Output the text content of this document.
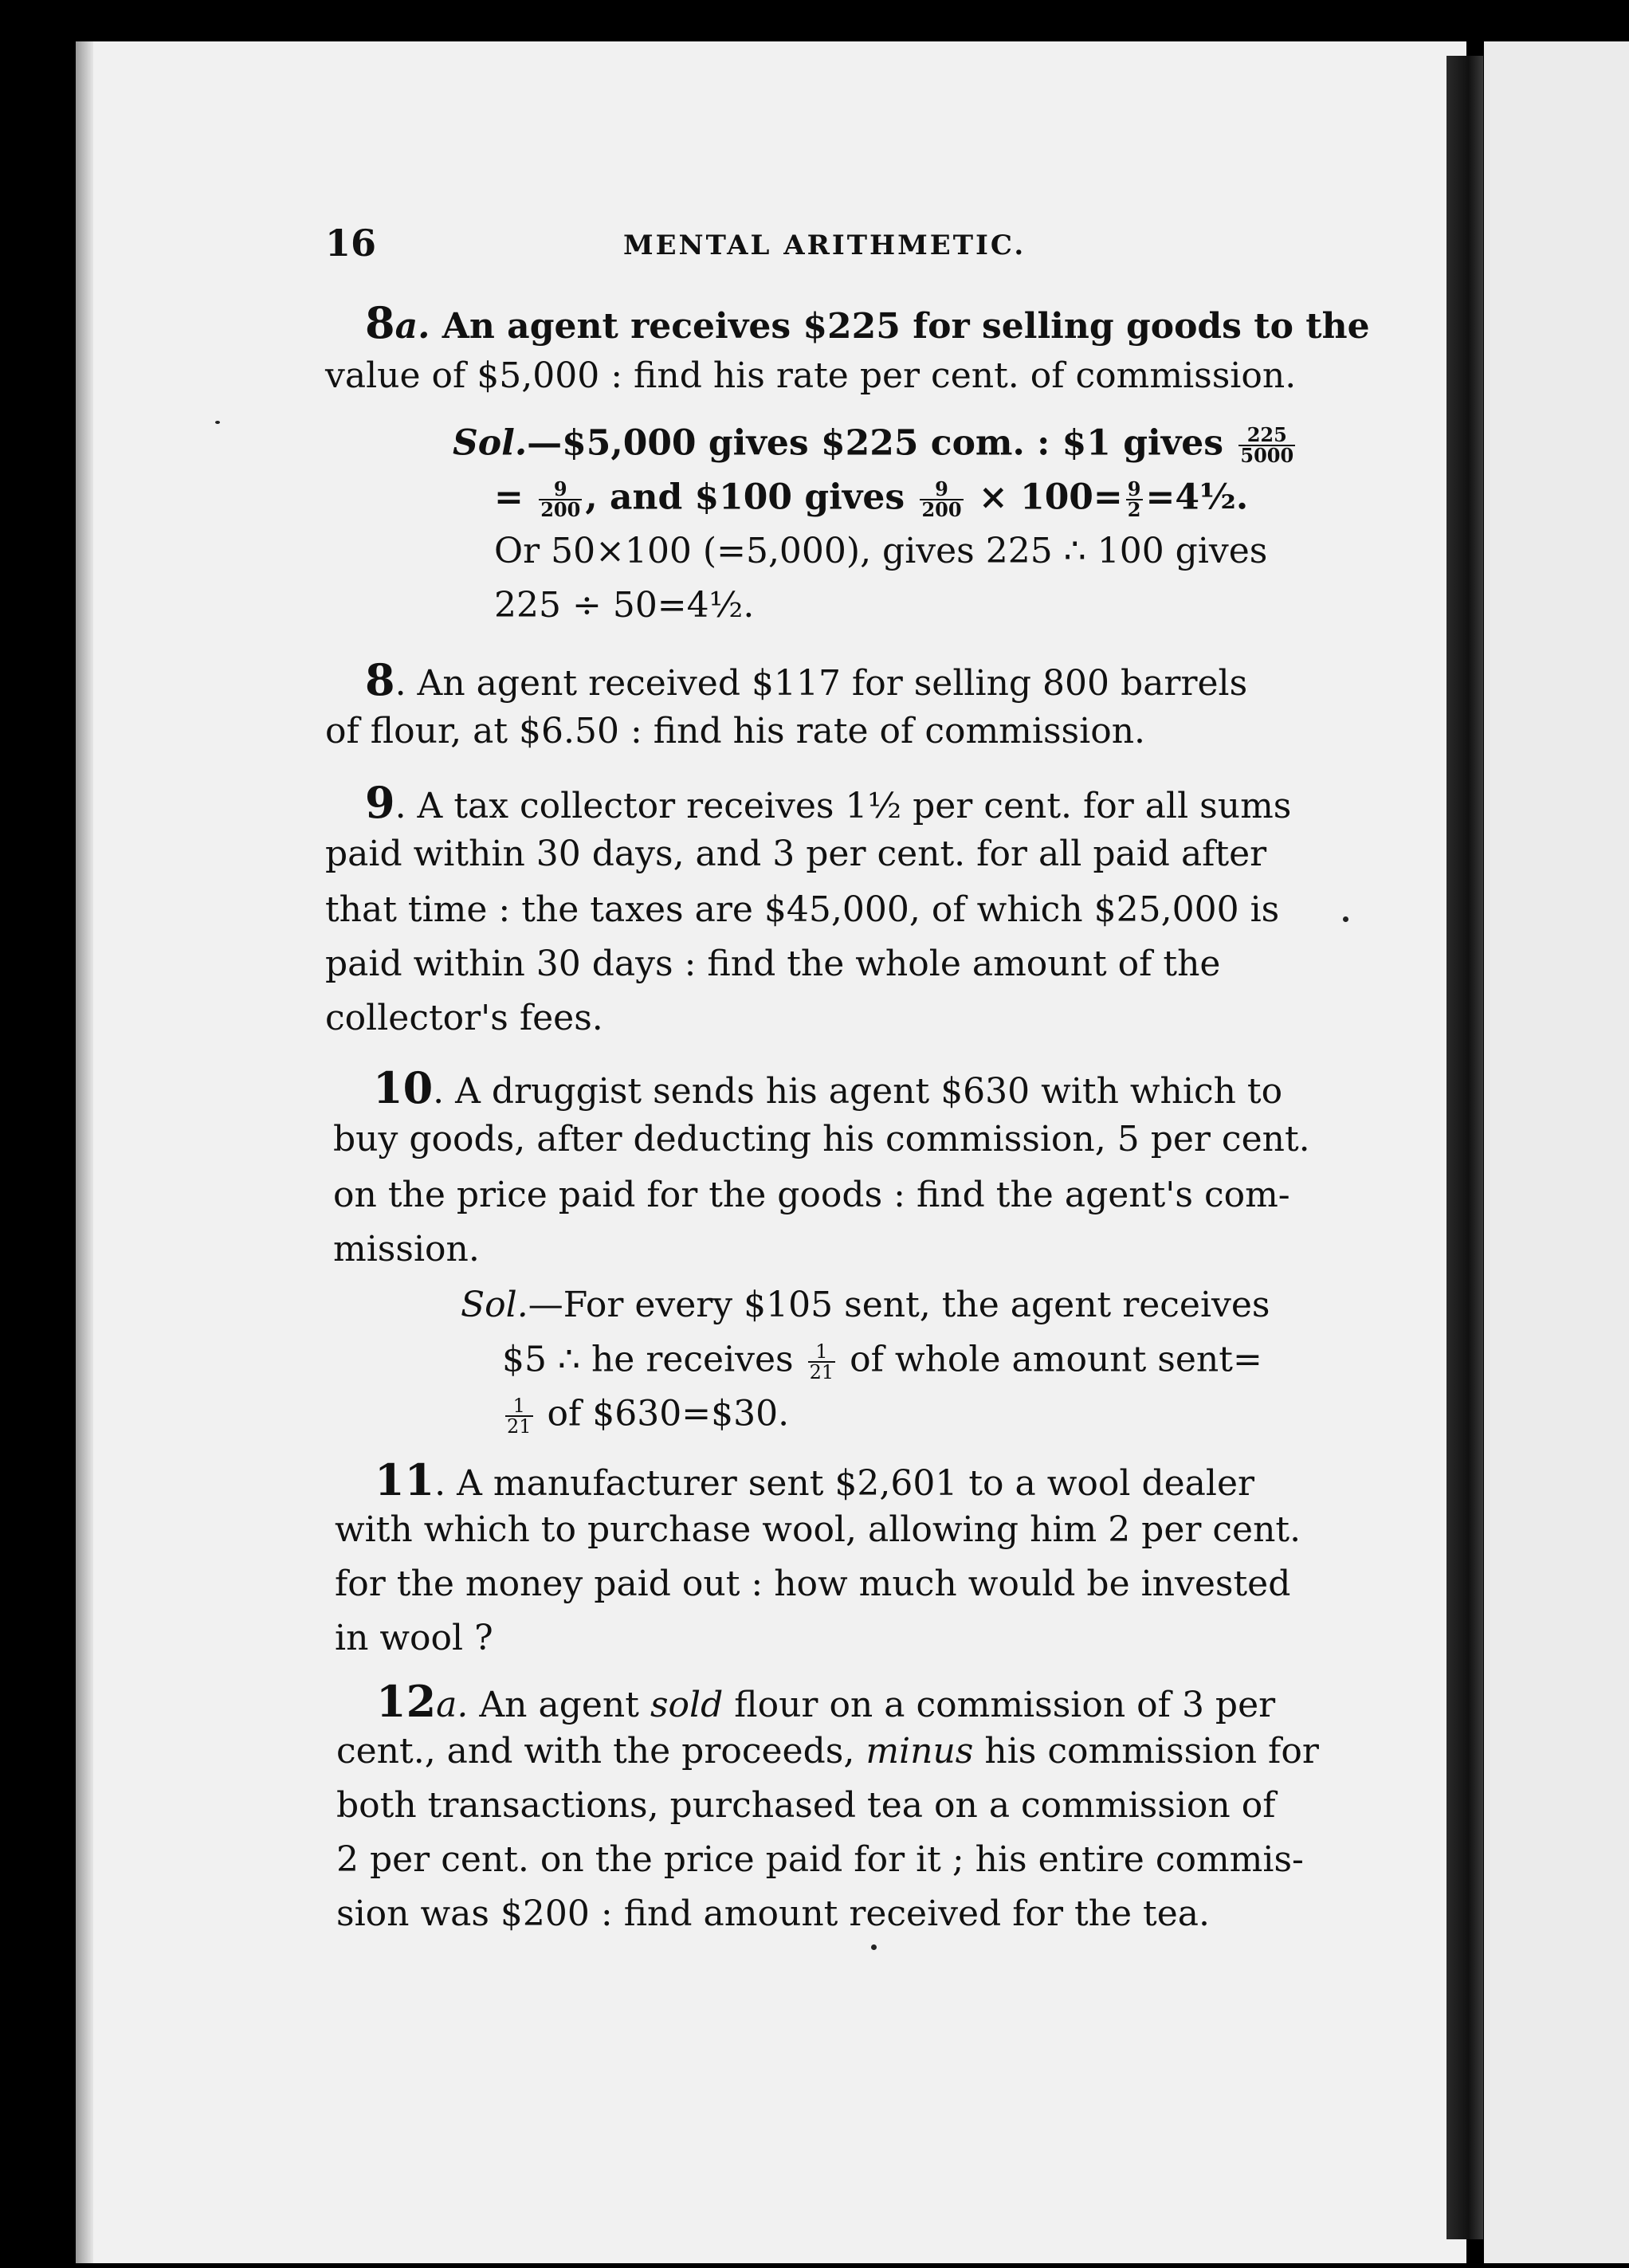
16	MENTAL ARITHMETIC.
8a. An agent receives $225 for selling goods to the
value of $5,000 : find his rate per cent. of commission.
Sol.—$5,000 gives $225 com. : $1 gives $\frac{225}{5000}$
= $\frac{9}{200}$ , and $100 gives $\frac{9}{200} \times 100= \frac{9}{2}$ =4½.
Or 50×100 (=5,000), gives 225 ∴ 100 gives
225 ÷ 50=4½.
8. An agent received $117 for selling 800 barrels
of flour, at $6.50 : find his rate of commission.
9. A tax collector receives 1½ per cent. for all sums
paid within 30 days, and 3 per cent. for all paid after
that time : the taxes are $45,000, of which $25,000 is
paid within 30 days : find the whole amount of the
collector's fees.
10. A druggist sends his agent $630 with which to
buy goods, after deducting his commission, 5 per cent.
on the price paid for the goods : find the agent's com-
mission.
Sol.—For every $105 sent, the agent receives
$5 ∴ he receives $\frac{1}{21}$ of whole amount sent=
$\frac{1}{21}$ of $630=$30.
11. A manufacturer sent $2,601 to a wool dealer
with which to purchase wool, allowing him 2 per cent.
for the money paid out : how much would be invested
in wool ?
12a. An agent sold flour on a commission of 3 per
cent., and with the proceeds, minus his commission for
both transactions, purchased tea on a commission of
2 per cent. on the price paid for it ; his entire commis-
sion was $200 : find amount received for the tea.
